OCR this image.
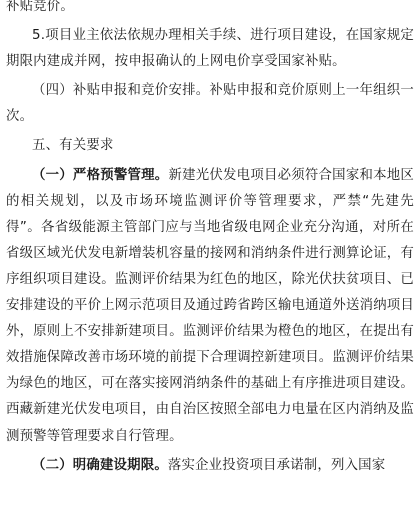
补贴竞价。

5.项目业主依法依规办理相关手续、进行项目建设，在国家规定期限内建成并网，按申报确认的上网电价享受国家补贴。

（四）补贴申报和竞价安排。补贴申报和竞价原则上一年组织一次。

五、有关要求

（一）严格预警管理。新建光伏发电项目必须符合国家和本地区的相关规划，以及市场环境监测评价等管理要求，严禁“先建先得”。各省级能源主管部门应与当地省级电网企业充分沟通，对所在省级区域光伏发电新增装机容量的接网和消纳条件进行测算论证，有序组织项目建设。监测评价结果为红色的地区，除光伏扶贫项目、已安排建设的平价上网示范项目及通过跨省跨区输电通道外送消纳项目外，原则上不安排新建项目。监测评价结果为橙色的地区，在提出有效措施保障改善市场环境的前提下合理调控新建项目。监测评价结果为绿色的地区，可在落实接网消纳条件的基础上有序推进项目建设。西藏新建光伏发电项目，由自治区按照全部电力电量在区内消纳及监测预警等管理要求自行管理。

（二）明确建设期限。落实企业投资项目承诺制，列入国家
